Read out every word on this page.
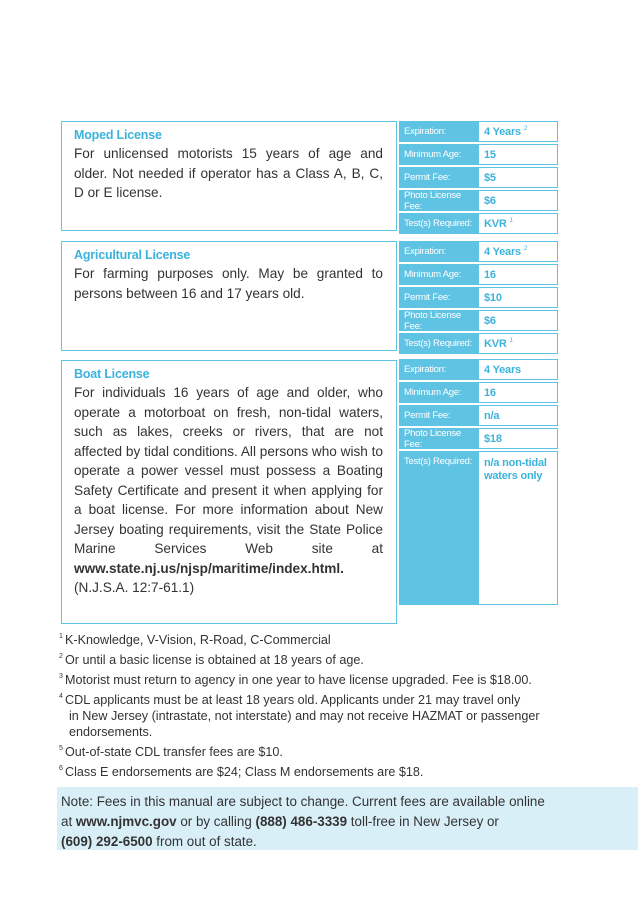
Moped License

For unlicensed motorists 15 years of age and older. Not needed if operator has a Class A, B, C, D or E license.

Expiration:	4 Years $^2$
Minimum Age:	15
Permit Fee:	$5
Photo License Fee:	$6
Test(s) Required:	KVR $^1$
Agricultural License

For farming purposes only. May be granted to persons between 16 and 17 years old.

Expiration:	4 Years $^2$
Minimum Age:	16
Permit Fee:	$10
Photo License Fee:	$6
Test(s) Required:	KVR $^1$
Boat License

For individuals 16 years of age and older, who operate a motorboat on fresh, non-tidal waters, such as lakes, creeks or rivers, that are not affected by tidal conditions. All persons who wish to operate a power vessel must possess a Boating Safety Certificate and present it when applying for a boat license. For more information about New Jersey boating requirements, visit the State Police Marine Services Web site at www.state.nj.us/njsp/maritime/index.html. (N.J.S.A. 12:7-61.1)

Expiration:	4 Years
Minimum Age:	16
Permit Fee:	n/a
Photo License Fee:	$18
Test(s) Required:	n/a non-tidal waters only
1 K-Knowledge, V-Vision, R-Road, C-Commercial
2 Or until a basic license is obtained at 18 years of age.
3 Motorist must return to agency in one year to have license upgraded. Fee is $18.00.
4 CDL applicants must be at least 18 years old. Applicants under 21 may travel only
in New Jersey (intrastate, not interstate) and may not receive HAZMAT or passenger endorsements.
5 Out-of-state CDL transfer fees are $10.
6 Class E endorsements are $24; Class M endorsements are $18.
Note: Fees in this manual are subject to change. Current fees are available online
at www.njmvc.gov or by calling (888) 486-3339 toll-free in New Jersey or
(609) 292-6500 from out of state.
